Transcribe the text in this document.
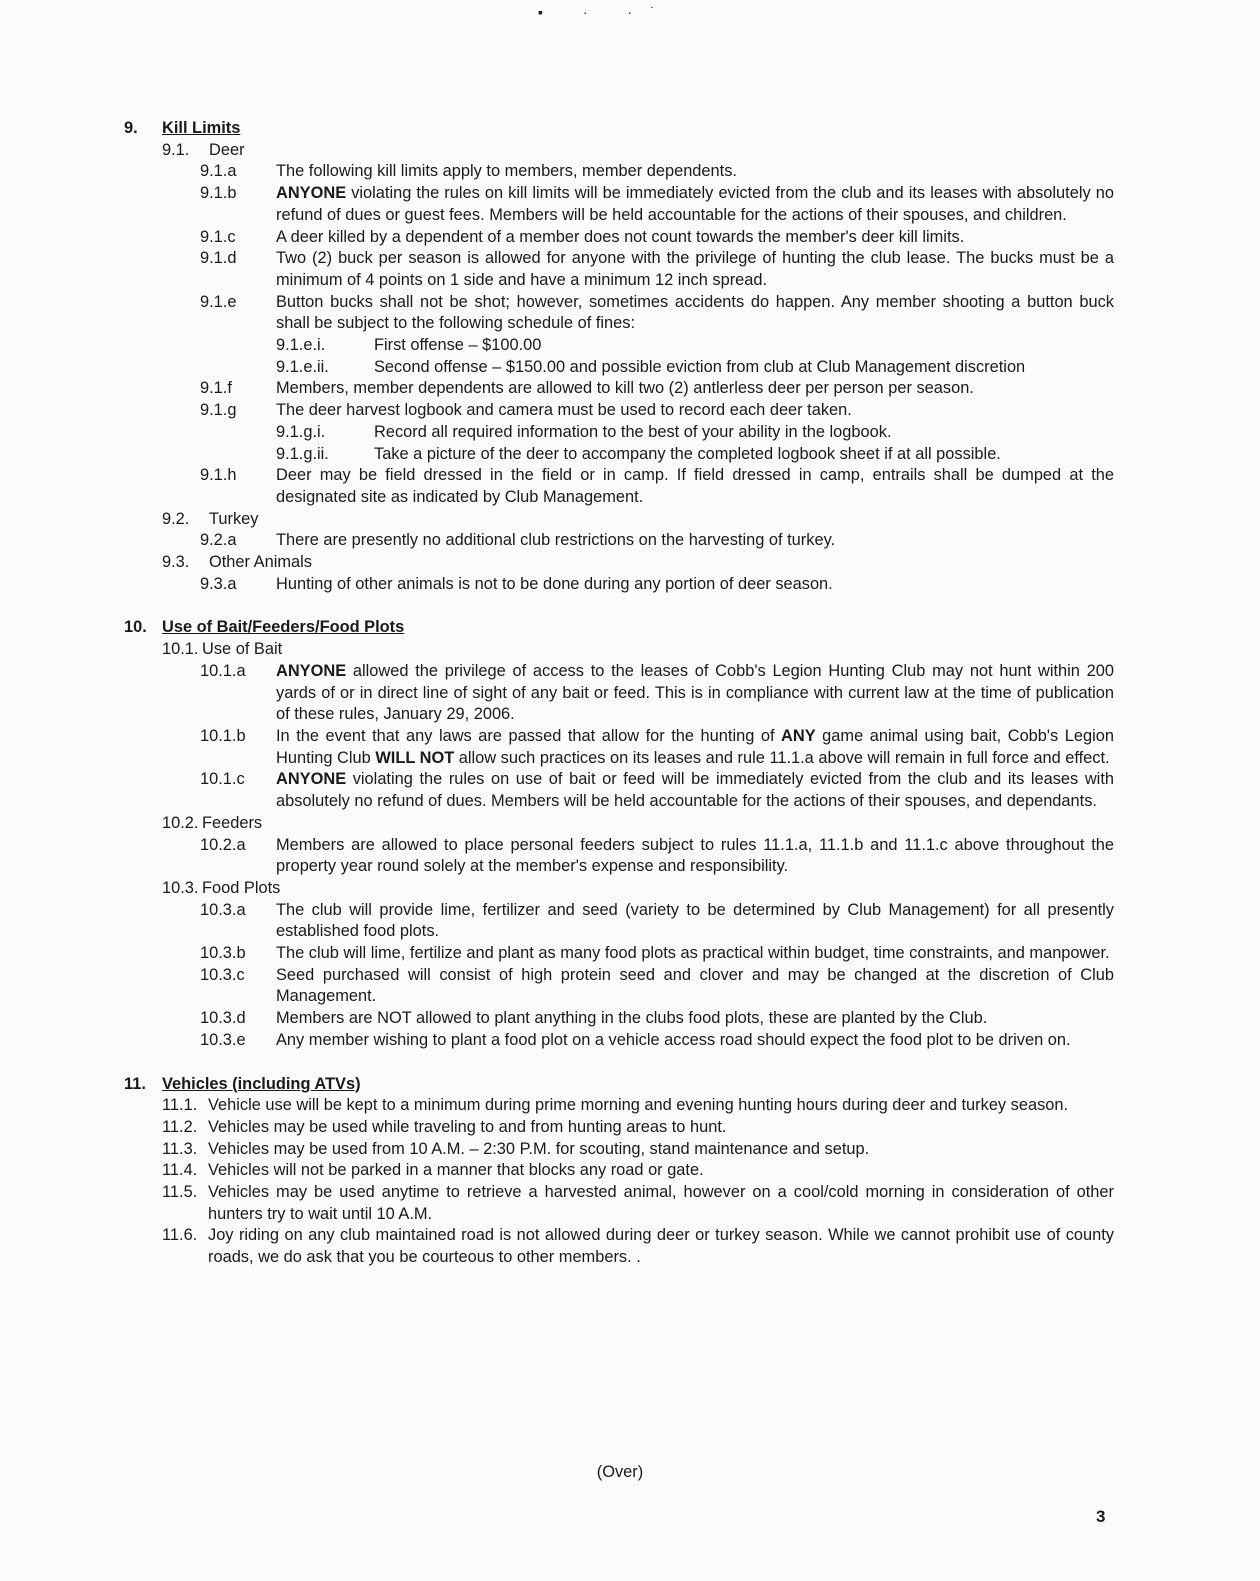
▪ · ·˙
9.	Kill Limits
9.1.	Deer
9.1.a	The following kill limits apply to members, member dependents.
9.1.b	ANYONE violating the rules on kill limits will be immediately evicted from the club and its leases with absolutely no refund of dues or guest fees. Members will be held accountable for the actions of their spouses, and children.
9.1.c	A deer killed by a dependent of a member does not count towards the member's deer kill limits.
9.1.d	Two (2) buck per season is allowed for anyone with the privilege of hunting the club lease. The bucks must be a minimum of 4 points on 1 side and have a minimum 12 inch spread.
9.1.e	Button bucks shall not be shot; however, sometimes accidents do happen. Any member shooting a button buck shall be subject to the following schedule of fines:
9.1.e.i.	First offense – $100.00
9.1.e.ii.	Second offense – $150.00 and possible eviction from club at Club Management discretion
9.1.f	Members, member dependents are allowed to kill two (2) antlerless deer per person per season.
9.1.g	The deer harvest logbook and camera must be used to record each deer taken.
9.1.g.i.	Record all required information to the best of your ability in the logbook.
9.1.g.ii.	Take a picture of the deer to accompany the completed logbook sheet if at all possible.
9.1.h	Deer may be field dressed in the field or in camp. If field dressed in camp, entrails shall be dumped at the designated site as indicated by Club Management.
9.2.	Turkey
9.2.a	There are presently no additional club restrictions on the harvesting of turkey.
9.3.	Other Animals
9.3.a	Hunting of other animals is not to be done during any portion of deer season.
10. Use of Bait/Feeders/Food Plots
10.1. Use of Bait
10.1.a	ANYONE allowed the privilege of access to the leases of Cobb's Legion Hunting Club may not hunt within 200 yards of or in direct line of sight of any bait or feed. This is in compliance with current law at the time of publication of these rules, January 29, 2006.
10.1.b	In the event that any laws are passed that allow for the hunting of ANY game animal using bait, Cobb's Legion Hunting Club WILL NOT allow such practices on its leases and rule 11.1.a above will remain in full force and effect.
10.1.c	ANYONE violating the rules on use of bait or feed will be immediately evicted from the club and its leases with absolutely no refund of dues. Members will be held accountable for the actions of their spouses, and dependants.
10.2. Feeders
10.2.a	Members are allowed to place personal feeders subject to rules 11.1.a, 11.1.b and 11.1.c above throughout the property year round solely at the member's expense and responsibility.
10.3. Food Plots
10.3.a	The club will provide lime, fertilizer and seed (variety to be determined by Club Management) for all presently established food plots.
10.3.b	The club will lime, fertilize and plant as many food plots as practical within budget, time constraints, and manpower.
10.3.c	Seed purchased will consist of high protein seed and clover and may be changed at the discretion of Club Management.
10.3.d	Members are NOT allowed to plant anything in the clubs food plots, these are planted by the Club.
10.3.e	Any member wishing to plant a food plot on a vehicle access road should expect the food plot to be driven on.
11. Vehicles (including ATVs)
11.1. Vehicle use will be kept to a minimum during prime morning and evening hunting hours during deer and turkey season.
11.2. Vehicles may be used while traveling to and from hunting areas to hunt.
11.3. Vehicles may be used from 10 A.M. – 2:30 P.M. for scouting, stand maintenance and setup.
11.4. Vehicles will not be parked in a manner that blocks any road or gate.
11.5. Vehicles may be used anytime to retrieve a harvested animal, however on a cool/cold morning in consideration of other hunters try to wait until 10 A.M.
11.6. Joy riding on any club maintained road is not allowed during deer or turkey season. While we cannot prohibit use of county roads, we do ask that you be courteous to other members. .
(Over)
3
